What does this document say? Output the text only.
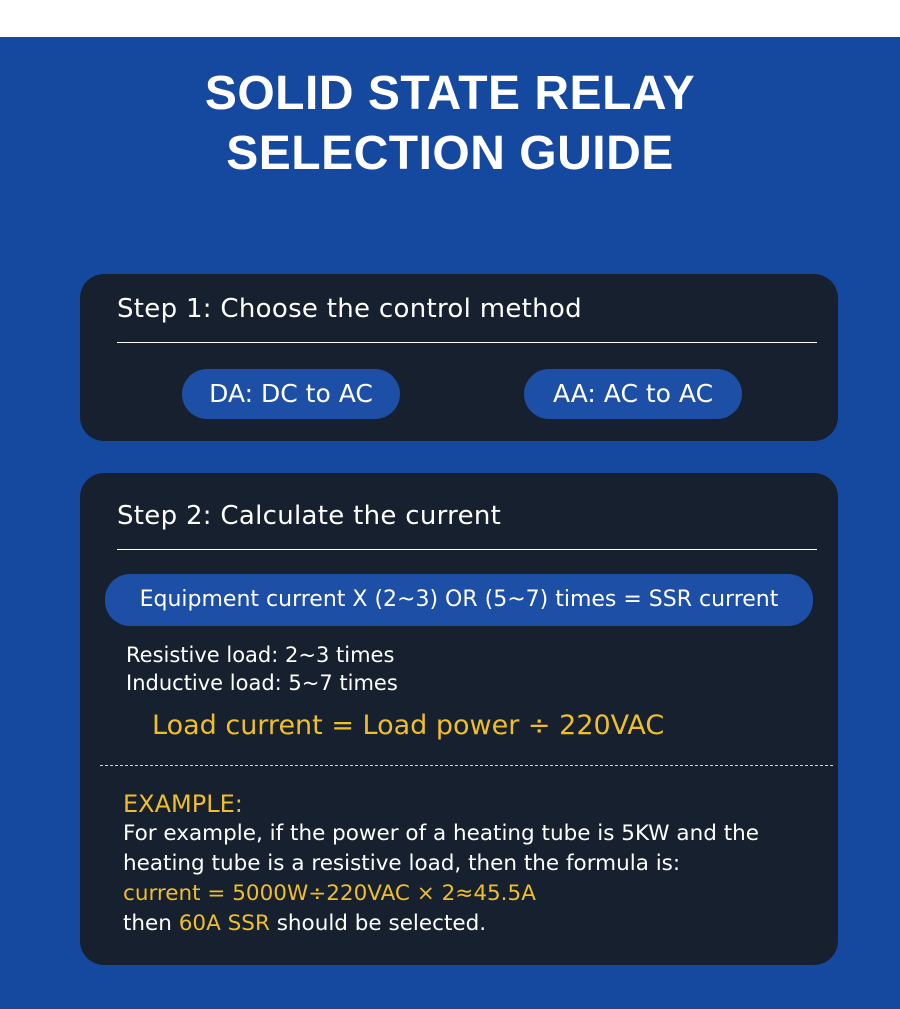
SOLID STATE RELAY
SELECTION GUIDE
Step 1: Choose the control method
DA: DC to AC	AA: AC to AC
Step 2: Calculate the current
Equipment current X (2~3) OR (5~7) times = SSR current
Resistive load: 2~3 times
Inductive load: 5~7 times
Load current = Load power ÷ 220VAC
EXAMPLE:
For example, if the power of a heating tube is 5KW and the
heating tube is a resistive load, then the formula is:
current = 5000W÷220VAC × 2≈45.5A
then 60A SSR should be selected.
